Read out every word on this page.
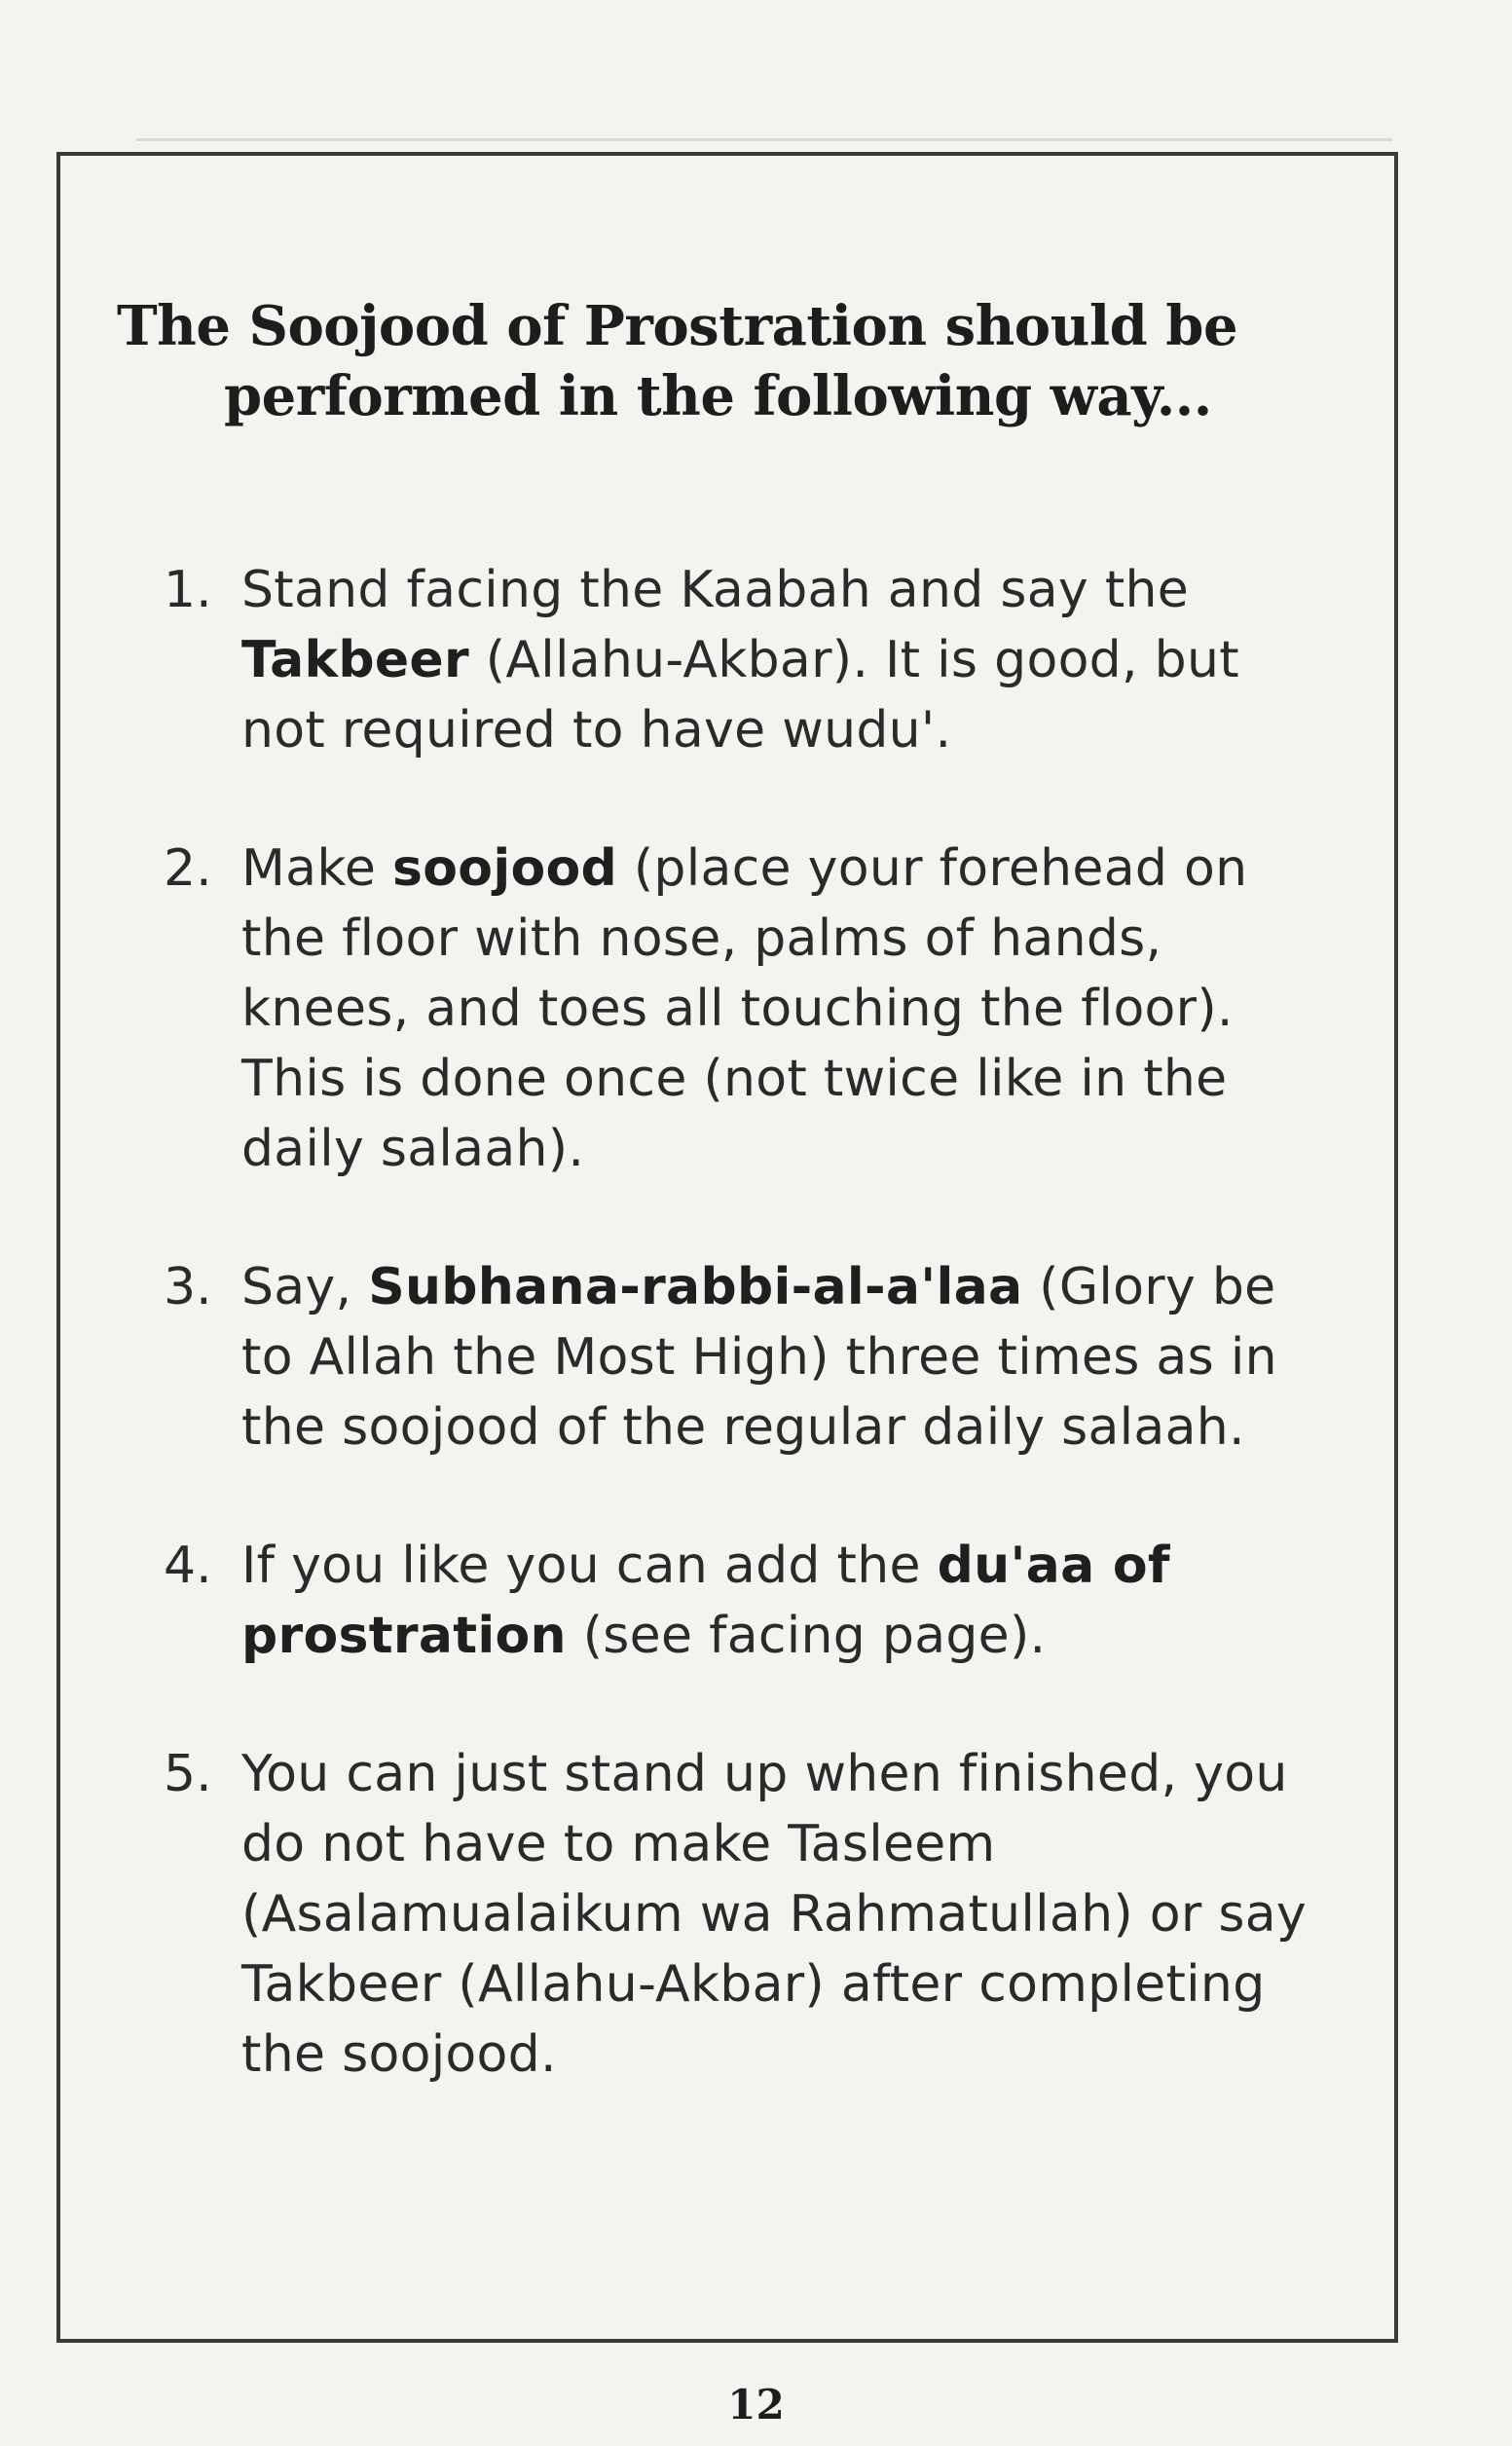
The Soojood of Prostration should be
performed in the following way...
1. Stand facing the Kaabah and say the Takbeer (Allahu-Akbar). It is good, but not required to have wudu'.
2. Make soojood (place your forehead on the floor with nose, palms of hands, knees, and toes all touching the floor). This is done once (not twice like in the daily salaah).
3. Say, Subhana-rabbi-al-a'laa (Glory be to Allah the Most High) three times as in the soojood of the regular daily salaah.
4. If you like you can add the du'aa of prostration (see facing page).
5. You can just stand up when finished, you do not have to make Tasleem (Asalamualaikum wa Rahmatullah) or say Takbeer (Allahu-Akbar) after completing the soojood.
12
